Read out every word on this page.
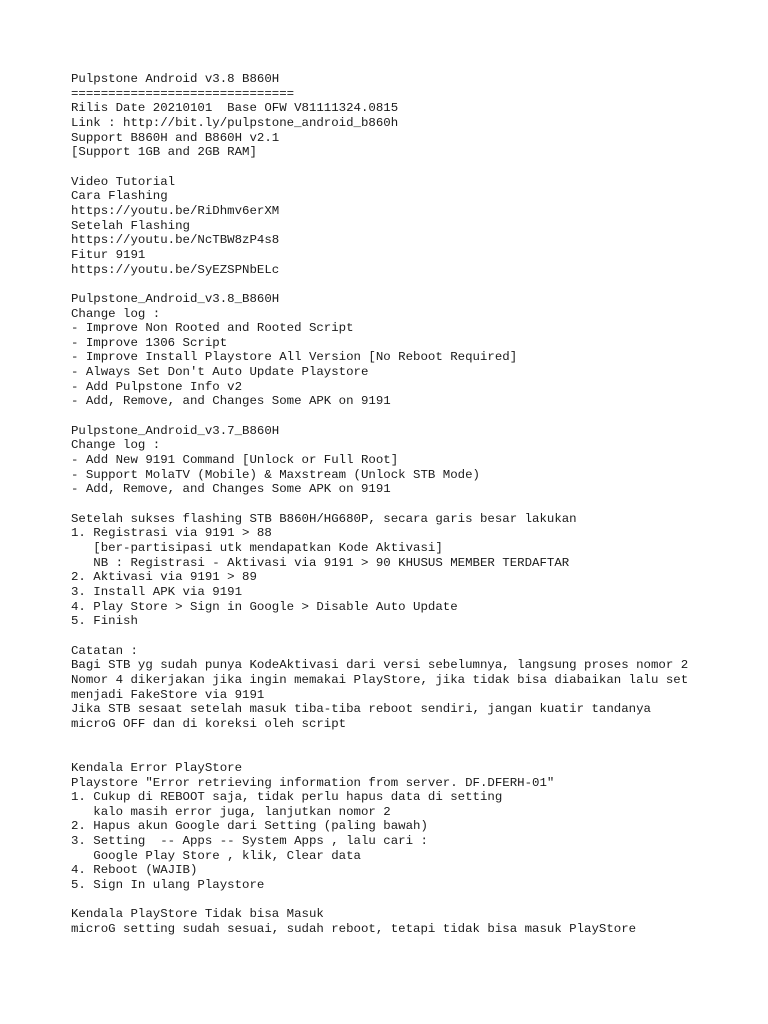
Pulpstone Android v3.8 B860H
==============================
Rilis Date 20210101  Base OFW V81111324.0815
Link : http://bit.ly/pulpstone_android_b860h
Support B860H and B860H v2.1
[Support 1GB and 2GB RAM]
Video Tutorial
Cara Flashing
https://youtu.be/RiDhmv6erXM
Setelah Flashing
https://youtu.be/NcTBW8zP4s8
Fitur 9191
https://youtu.be/SyEZSPNbELc
Pulpstone_Android_v3.8_B860H
Change log :
- Improve Non Rooted and Rooted Script
- Improve 1306 Script
- Improve Install Playstore All Version [No Reboot Required]
- Always Set Don't Auto Update Playstore
- Add Pulpstone Info v2
- Add, Remove, and Changes Some APK on 9191
Pulpstone_Android_v3.7_B860H
Change log :
- Add New 9191 Command [Unlock or Full Root]
- Support MolaTV (Mobile) & Maxstream (Unlock STB Mode)
- Add, Remove, and Changes Some APK on 9191
Setelah sukses flashing STB B860H/HG680P, secara garis besar lakukan
1. Registrasi via 9191 > 88
[ber-partisipasi utk mendapatkan Kode Aktivasi]
NB : Registrasi - Aktivasi via 9191 > 90 KHUSUS MEMBER TERDAFTAR
2. Aktivasi via 9191 > 89
3. Install APK via 9191
4. Play Store > Sign in Google > Disable Auto Update
5. Finish
Catatan :
Bagi STB yg sudah punya KodeAktivasi dari versi sebelumnya, langsung proses nomor 2
Nomor 4 dikerjakan jika ingin memakai PlayStore, jika tidak bisa diabaikan lalu set
menjadi FakeStore via 9191
Jika STB sesaat setelah masuk tiba-tiba reboot sendiri, jangan kuatir tandanya
microG OFF dan di koreksi oleh script
Kendala Error PlayStore
Playstore "Error retrieving information from server. DF.DFERH-01"
1. Cukup di REBOOT saja, tidak perlu hapus data di setting
kalo masih error juga, lanjutkan nomor 2
2. Hapus akun Google dari Setting (paling bawah)
3. Setting  -- Apps -- System Apps , lalu cari :
Google Play Store , klik, Clear data
4. Reboot (WAJIB)
5. Sign In ulang Playstore
Kendala PlayStore Tidak bisa Masuk
microG setting sudah sesuai, sudah reboot, tetapi tidak bisa masuk PlayStore
